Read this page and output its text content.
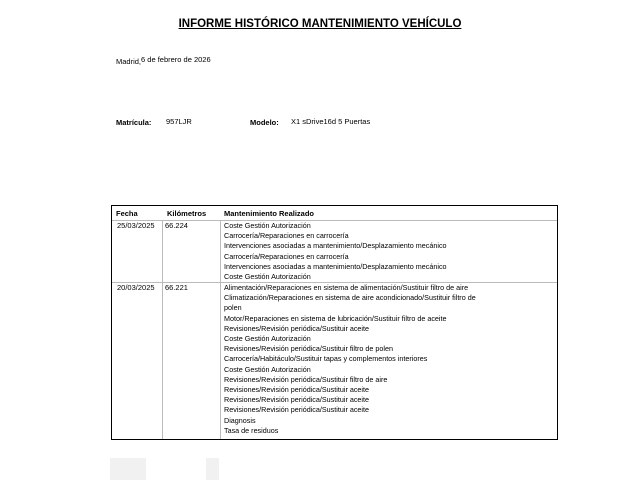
INFORME HISTÓRICO MANTENIMIENTO VEHÍCULO
Madrid,6 de febrero de 2026
Matrícula: 957LJR	Modelo: X1 sDrive16d 5 Puertas
Fecha	Kilómetros Mantenimiento Realizado
25/03/2025 66.224	Coste Gestión Autorización
Carrocería/Reparaciones en carrocería
Intervenciones asociadas a mantenimiento/Desplazamiento mecánico
Carrocería/Reparaciones en carrocería
Intervenciones asociadas a mantenimiento/Desplazamiento mecánico
Coste Gestión Autorización
20/03/2025 66.221	Alimentación/Reparaciones en sistema de alimentación/Sustituir filtro de aire
Climatización/Reparaciones en sistema de aire acondicionado/Sustituir filtro de
polen
Motor/Reparaciones en sistema de lubricación/Sustituir filtro de aceite
Revisiones/Revisión periódica/Sustituir aceite
Coste Gestión Autorización
Revisiones/Revisión periódica/Sustituir filtro de polen
Carrocería/Habitáculo/Sustituir tapas y complementos interiores
Coste Gestión Autorización
Revisiones/Revisión periódica/Sustituir filtro de aire
Revisiones/Revisión periódica/Sustituir aceite
Revisiones/Revisión periódica/Sustituir aceite
Revisiones/Revisión periódica/Sustituir aceite
Diagnosis
Tasa de residuos
